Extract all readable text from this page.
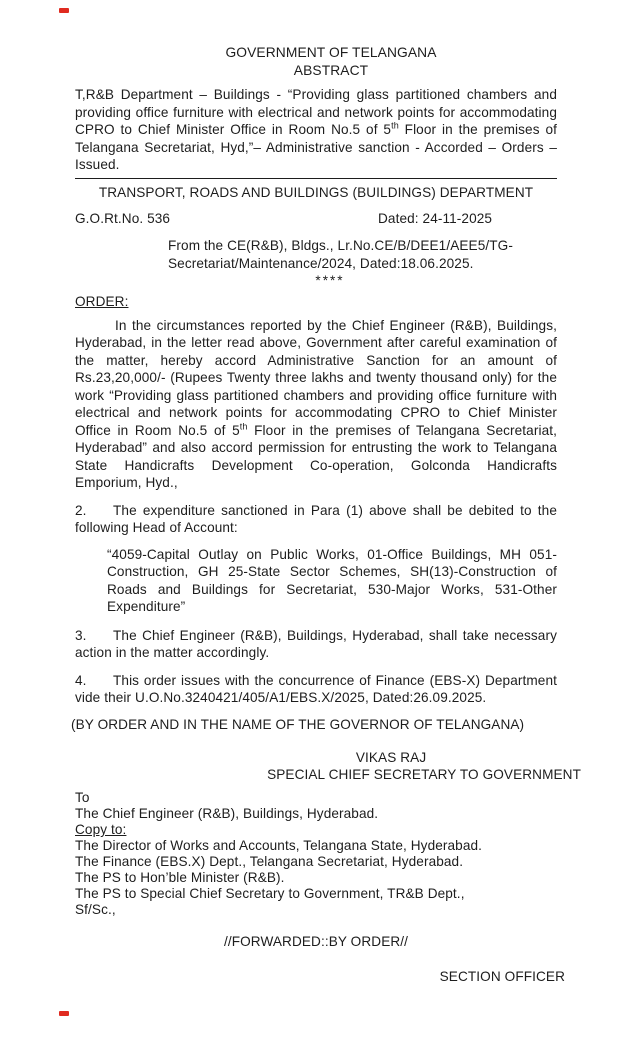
GOVERNMENT OF TELANGANA
ABSTRACT

T,R&B Department – Buildings - “Providing glass partitioned chambers and providing office furniture with electrical and network points for accommodating CPRO to Chief Minister Office in Room No.5 of 5th Floor in the premises of Telangana Secretariat, Hyd,”– Administrative sanction - Accorded – Orders – Issued.

TRANSPORT, ROADS AND BUILDINGS (BUILDINGS) DEPARTMENT
G.O.Rt.No. 536	Dated: 24-11-2025
From the CE(R&B), Bldgs., Lr.No.CE/B/DEE1/AEE5/TG-
Secretariat/Maintenance/2024, Dated:18.06.2025.
****
ORDER:

In the circumstances reported by the Chief Engineer (R&B), Buildings, Hyderabad, in the letter read above, Government after careful examination of the matter, hereby accord Administrative Sanction for an amount of Rs.23,20,000/- (Rupees Twenty three lakhs and twenty thousand only) for the work “Providing glass partitioned chambers and providing office furniture with electrical and network points for accommodating CPRO to Chief Minister Office in Room No.5 of 5th Floor in the premises of Telangana Secretariat, Hyderabad” and also accord permission for entrusting the work to Telangana State Handicrafts Development Co-operation, Golconda Handicrafts Emporium, Hyd.,

2. The expenditure sanctioned in Para (1) above shall be debited to the following Head of Account:

“4059-Capital Outlay on Public Works, 01-Office Buildings, MH 051-Construction, GH 25-State Sector Schemes, SH(13)-Construction of Roads and Buildings for Secretariat, 530-Major Works, 531-Other Expenditure”

3. The Chief Engineer (R&B), Buildings, Hyderabad, shall take necessary action in the matter accordingly.

4. This order issues with the concurrence of Finance (EBS-X) Department vide their U.O.No.3240421/405/A1/EBS.X/2025, Dated:26.09.2025.

(BY ORDER AND IN THE NAME OF THE GOVERNOR OF TELANGANA)
VIKAS RAJ
SPECIAL CHIEF SECRETARY TO GOVERNMENT
To
The Chief Engineer (R&B), Buildings, Hyderabad.
Copy to:
The Director of Works and Accounts, Telangana State, Hyderabad.
The Finance (EBS.X) Dept., Telangana Secretariat, Hyderabad.
The PS to Hon’ble Minister (R&B).
The PS to Special Chief Secretary to Government, TR&B Dept.,
Sf/Sc.,
//FORWARDED::BY ORDER//
SECTION OFFICER
